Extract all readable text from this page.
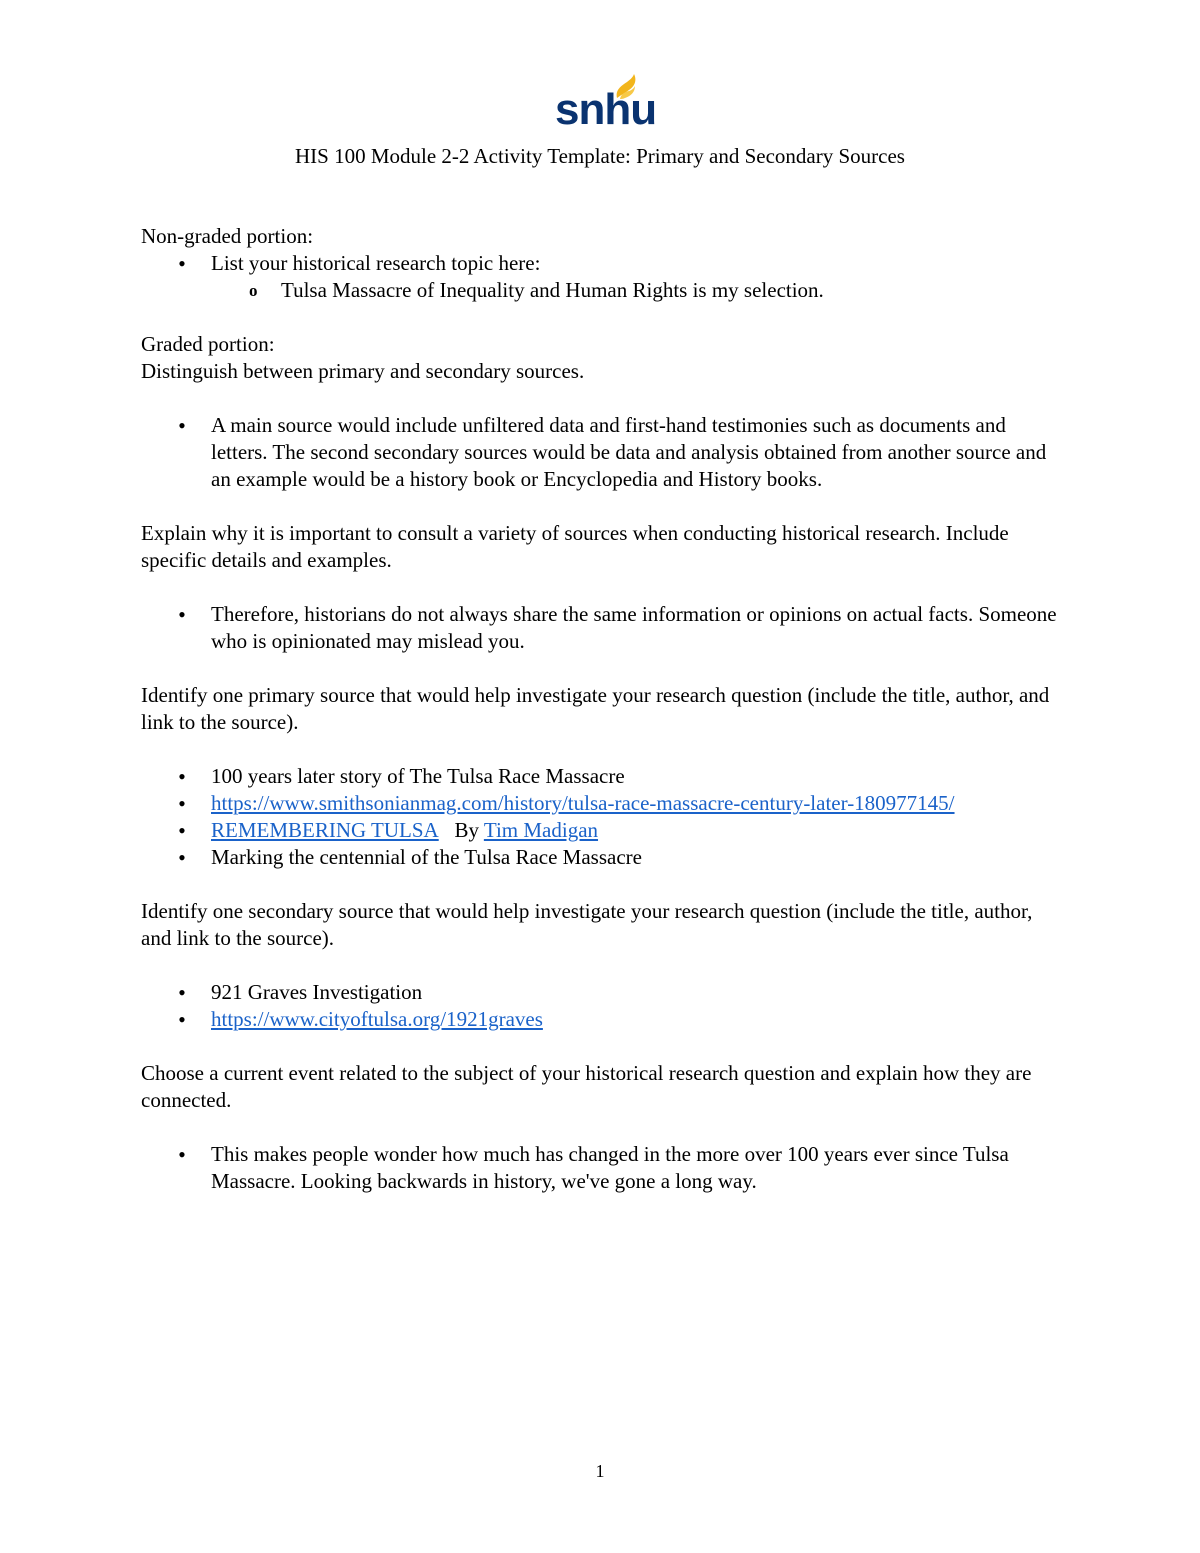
snhu
HIS 100 Module 2-2 Activity Template: Primary and Secondary Sources

Non-graded portion:

• List your historical research topic here:
o Tulsa Massacre of Inequality and Human Rights is my selection.

Graded portion:

Distinguish between primary and secondary sources.

• A main source would include unfiltered data and first-hand testimonies such as documents and letters. The second secondary sources would be data and analysis obtained from another source and an example would be a history book or Encyclopedia and History books.

Explain why it is important to consult a variety of sources when conducting historical research. Include specific details and examples.

• Therefore, historians do not always share the same information or opinions on actual facts. Someone who is opinionated may mislead you.

Identify one primary source that would help investigate your research question (include the title, author, and link to the source).

• 100 years later story of The Tulsa Race Massacre
• https://www.smithsonianmag.com/history/tulsa-race-massacre-century-later-180977145/
• REMEMBERING TULSA By Tim Madigan
• Marking the centennial of the Tulsa Race Massacre

Identify one secondary source that would help investigate your research question (include the title, author, and link to the source).

• 921 Graves Investigation
• https://www.cityoftulsa.org/1921graves

Choose a current event related to the subject of your historical research question and explain how they are connected.

• This makes people wonder how much has changed in the more over 100 years ever since Tulsa Massacre. Looking backwards in history, we've gone a long way.
1
